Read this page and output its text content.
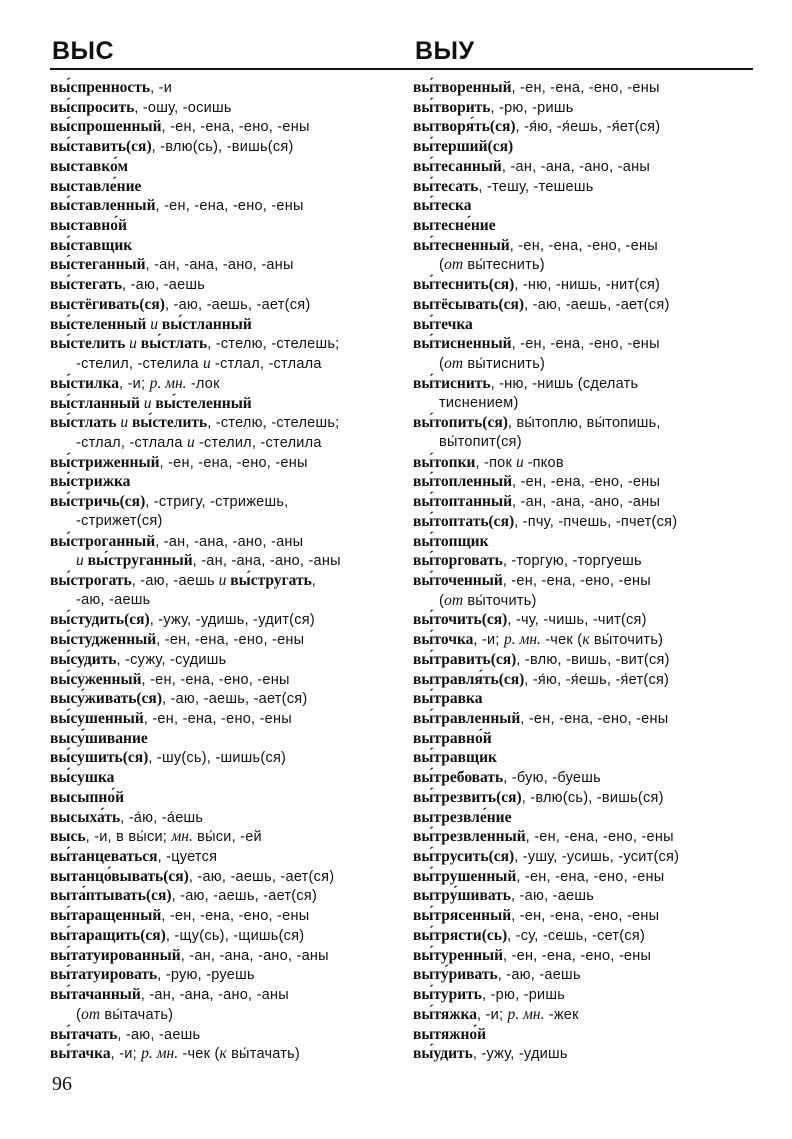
ВЫС	ВЫУ
вы́спренность, -и
вы́спросить, -ошу, -осишь
вы́спрошенный, -ен, -ена, -ено, -ены
вы́ставить(ся), -влю(сь), -вишь(ся)
выставко́м
выставле́ние
вы́ставленный, -ен, -ена, -ено, -ены
выставно́й
вы́ставщик
вы́стеганный, -ан, -ана, -ано, -аны
вы́стегать, -аю, -аешь
выстёгивать(ся), -аю, -аешь, -ает(ся)
вы́стеленный и вы́стланный
вы́стелить и вы́стлать, -стелю, -стелешь;
-стелил, -стелила и -стлал, -стлала
вы́стилка, -и; р. мн. -лок
вы́стланный и вы́стеленный
вы́стлать и вы́стелить, -стелю, -стелешь;
-стлал, -стлала и -стелил, -стелила
вы́стриженный, -ен, -ена, -ено, -ены
вы́стрижка
вы́стричь(ся), -стригу, -стрижешь,
-стрижет(ся)
вы́строганный, -ан, -ана, -ано, -аны
и вы́струганный, -ан, -ана, -ано, -аны
вы́строгать, -аю, -аешь и вы́стругать,
-аю, -аешь
вы́студить(ся), -ужу, -удишь, -удит(ся)
вы́студженный, -ен, -ена, -ено, -ены
вы́судить, -сужу, -судишь
вы́суженный, -ен, -ена, -ено, -ены
высу́живать(ся), -аю, -аешь, -ает(ся)
вы́сушенный, -ен, -ена, -ено, -ены
высу́шивание
вы́сушить(ся), -шу(сь), -шишь(ся)
вы́сушка
высыпно́й
высыха́ть, -а́ю, -а́ешь
высь, -и, в вы́си; мн. вы́си, -ей
вы́танцеваться, -цуется
вытанцо́вывать(ся), -аю, -аешь, -ает(ся)
выта́птывать(ся), -аю, -аешь, -ает(ся)
вы́таращенный, -ен, -ена, -ено, -ены
вы́таращить(ся), -щу(сь), -щишь(ся)
вы́татуированный, -ан, -ана, -ано, -аны
вы́татуировать, -рую, -руешь
вы́тачанный, -ан, -ана, -ано, -аны
(от вы́тачать)
вы́тачать, -аю, -аешь
вы́тачка, -и; р. мн. -чек (к вы́тачать)
вы́творенный, -ен, -ена, -ено, -ены
вы́творить, -рю, -ришь
вытворя́ть(ся), -я́ю, -я́ешь, -я́ет(ся)
вы́терший(ся)
вы́тесанный, -ан, -ана, -ано, -аны
вы́тесать, -тешу, -тешешь
вы́теска
вытесне́ние
вы́тесненный, -ен, -ена, -ено, -ены
(от вы́теснить)
вы́теснить(ся), -ню, -нишь, -нит(ся)
вытёсывать(ся), -аю, -аешь, -ает(ся)
вы́течка
вы́тисненный, -ен, -ена, -ено, -ены
(от вы́тиснить)
вы́тиснить, -ню, -нишь (сделать
тиснением)
вы́топить(ся), вы́топлю, вы́топишь,
вы́топит(ся)
вы́топки, -пок и -пков
вы́топленный, -ен, -ена, -ено, -ены
вы́топтанный, -ан, -ана, -ано, -аны
вы́топтать(ся), -пчу, -пчешь, -пчет(ся)
вы́топщик
вы́торговать, -торгую, -торгуешь
вы́точенный, -ен, -ена, -ено, -ены
(от вы́точить)
вы́точить(ся), -чу, -чишь, -чит(ся)
вы́точка, -и; р. мн. -чек (к вы́точить)
вы́травить(ся), -влю, -вишь, -вит(ся)
вытравля́ть(ся), -я́ю, -я́ешь, -я́ет(ся)
вы́травка
вы́травленный, -ен, -ена, -ено, -ены
вытравно́й
вы́травщик
вы́требовать, -бую, -буешь
вы́трезвить(ся), -влю(сь), -вишь(ся)
вытрезвле́ние
вы́трезвленный, -ен, -ена, -ено, -ены
вы́трусить(ся), -ушу, -усишь, -усит(ся)
вы́трушенный, -ен, -ена, -ено, -ены
вытру́шивать, -аю, -аешь
вы́трясенный, -ен, -ена, -ено, -ены
вы́трясти(сь), -су, -сешь, -сет(ся)
вы́туренный, -ен, -ена, -ено, -ены
выту́ривать, -аю, -аешь
вы́турить, -рю, -ришь
вы́тяжка, -и; р. мн. -жек
вытяжно́й
вы́удить, -ужу, -удишь
96
